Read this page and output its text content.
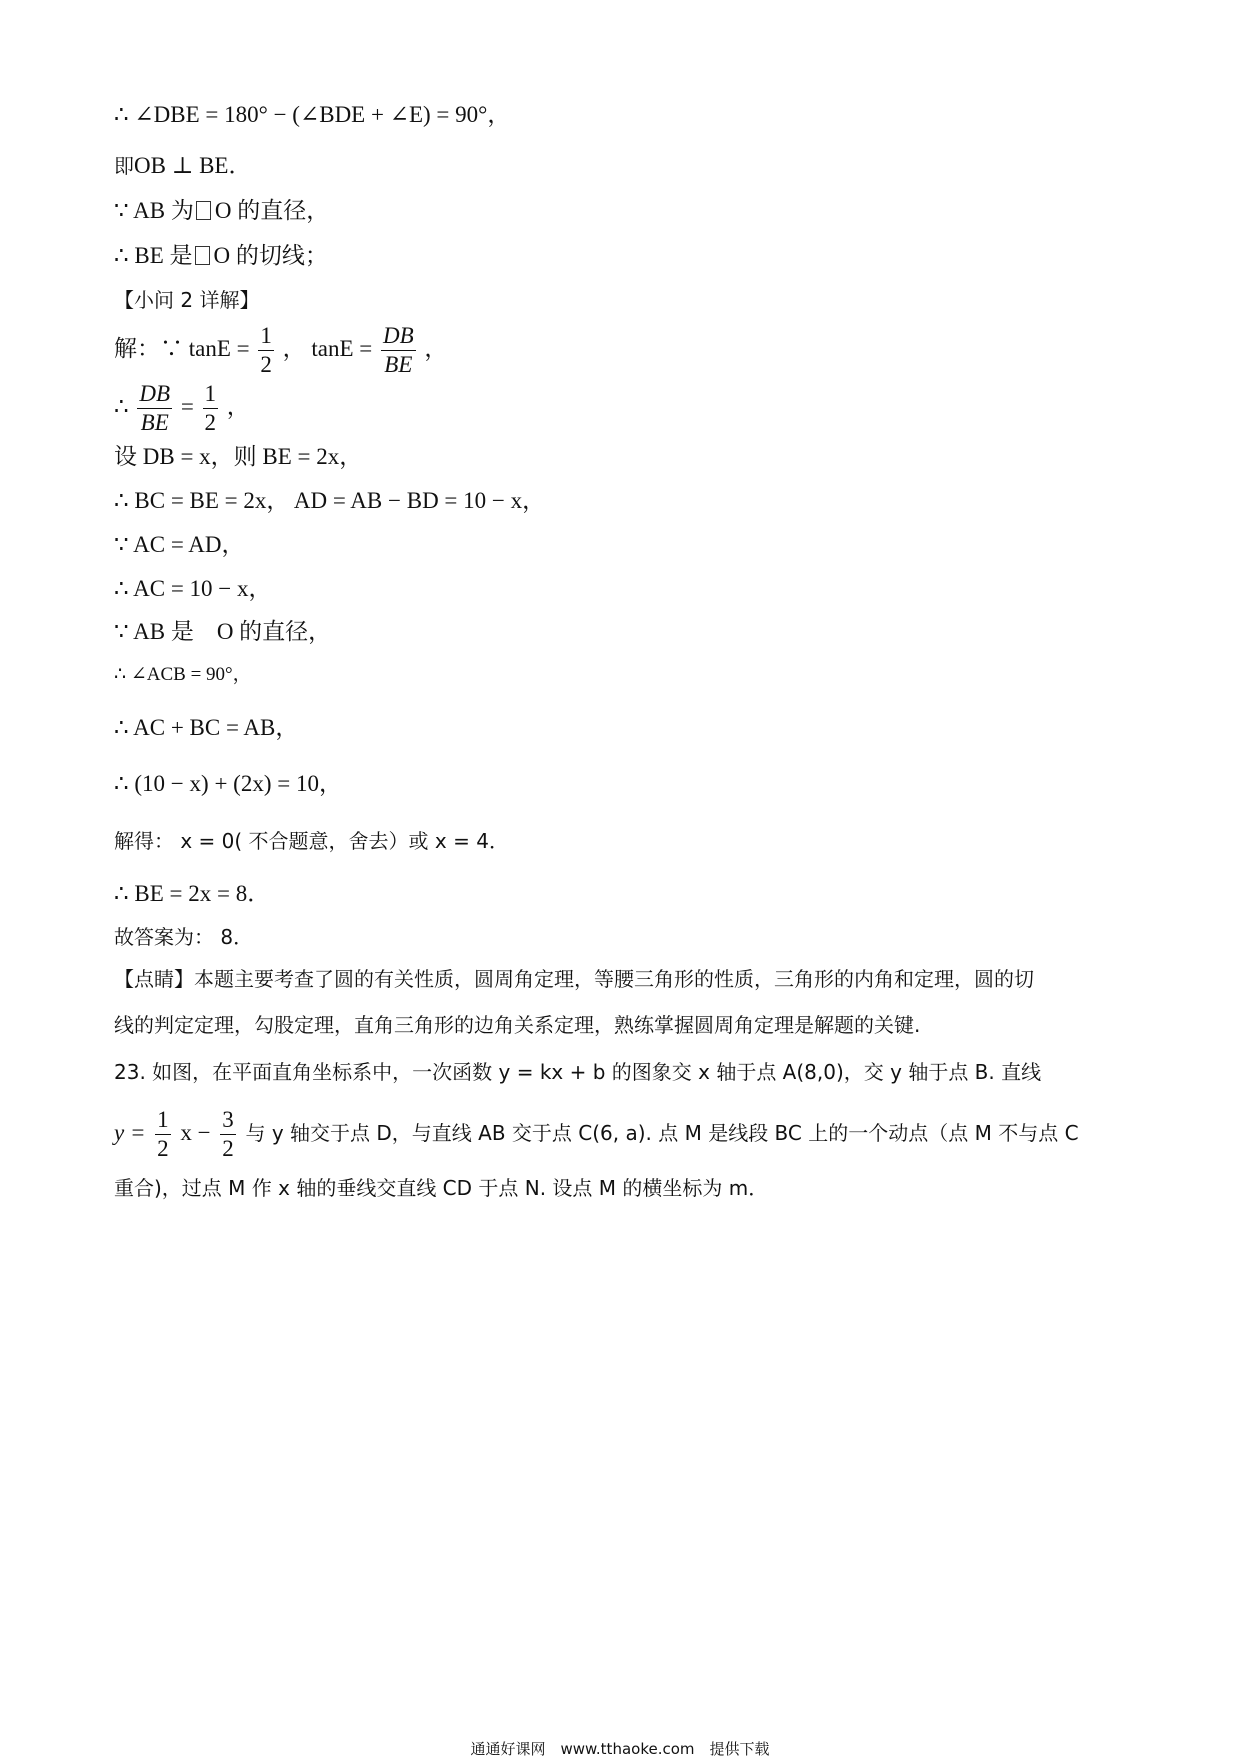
∴ ∠DBE = 180° − (∠BDE + ∠E) = 90°，
即OB ⊥ BE．
∵ AB 为 O 的直径，
∴ BE 是 O 的切线；
【小问 2 详解】
解：∵ $\tan E = \frac{1}{2}$ ， $\tan E = \frac{DB}{BE}$ ，
∴ $\frac{DB}{BE} = \frac{1}{2}$ ，
设 DB = x，则 BE = 2x，
∴ BC = BE = 2x， AD = AB − BD = 10 − x，
∵ AC = AD，
∴ AC = 10 − x，
∵ AB 是　O 的直径，
∴ ∠ACB = 90°，
∴ AC + BC = AB，
∴ (10 − x) + (2x) = 10，
解得： x = 0( 不合题意，舍去）或 x = 4．
∴ BE = 2x = 8．
故答案为： 8．
【点睛】本题主要考查了圆的有关性质，圆周角定理，等腰三角形的性质，三角形的内角和定理，圆的切
线的判定定理，勾股定理，直角三角形的边角关系定理，熟练掌握圆周角定理是解题的关键.
23. 如图，在平面直角坐标系中，一次函数 y = kx + b 的图象交 x 轴于点 A(8,0)，交 y 轴于点 B. 直线
$y = \frac{1}{2}$ $x - \frac{3}{2}$ 与 y 轴交于点 D，与直线 AB 交于点 C(6, a). 点 M 是线段 BC 上的一个动点（点 M 不与点 C
重合)，过点 M 作 x 轴的垂线交直线 CD 于点 N. 设点 M 的横坐标为 m．
通通好课网　www.tthaoke.com　提供下载
